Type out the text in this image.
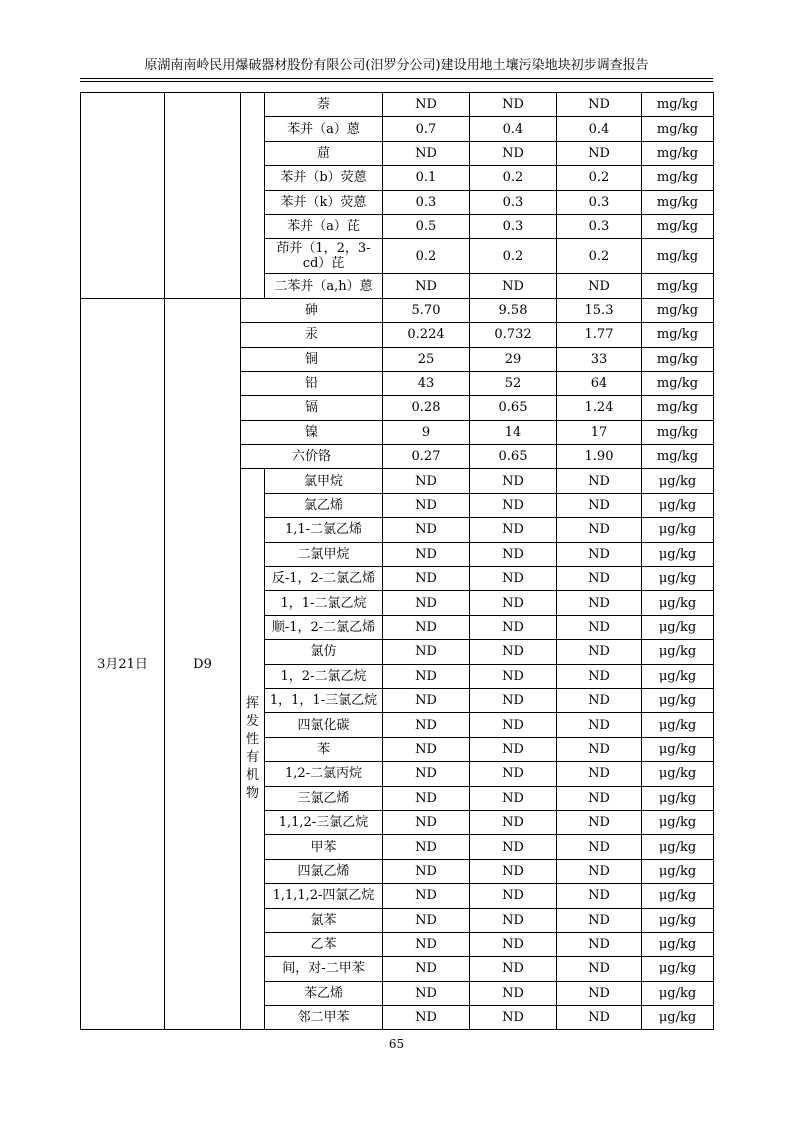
原湖南南岭民用爆破器材股份有限公司(汨罗分公司)建设用地土壤污染地块初步调查报告
			萘	ND	ND	ND	mg/kg
			苯并（a）蒽	0.7	0.4	0.4	mg/kg
			䓛	ND	ND	ND	mg/kg
			苯并（b）荧蒽	0.1	0.2	0.2	mg/kg
			苯并（k）荧蒽	0.3	0.3	0.3	mg/kg
			苯并（a）芘	0.5	0.3	0.3	mg/kg
			茚并（1，2，3-cd）芘	0.2	0.2	0.2	mg/kg
			二苯并（a,h）蒽	ND	ND	ND	mg/kg
3月21日	D9	砷		5.70	9.58	15.3	mg/kg
		汞		0.224	0.732	1.77	mg/kg
		铜		25	29	33	mg/kg
		铅		43	52	64	mg/kg
		镉		0.28	0.65	1.24	mg/kg
		镍		9	14	17	mg/kg
		六价铬		0.27	0.65	1.90	mg/kg
		挥发性有机物	氯甲烷	ND	ND	ND	μg/kg
			氯乙烯	ND	ND	ND	μg/kg
			1,1-二氯乙烯	ND	ND	ND	μg/kg
			二氯甲烷	ND	ND	ND	μg/kg
			反-1，2-二氯乙烯	ND	ND	ND	μg/kg
			1，1-二氯乙烷	ND	ND	ND	μg/kg
			顺-1，2-二氯乙烯	ND	ND	ND	μg/kg
			氯仿	ND	ND	ND	μg/kg
			1，2-二氯乙烷	ND	ND	ND	μg/kg
			1，1，1-三氯乙烷	ND	ND	ND	μg/kg
			四氯化碳	ND	ND	ND	μg/kg
			苯	ND	ND	ND	μg/kg
			1,2-二氯丙烷	ND	ND	ND	μg/kg
			三氯乙烯	ND	ND	ND	μg/kg
			1,1,2-三氯乙烷	ND	ND	ND	μg/kg
			甲苯	ND	ND	ND	μg/kg
			四氯乙烯	ND	ND	ND	μg/kg
			1,1,1,2-四氯乙烷	ND	ND	ND	μg/kg
			氯苯	ND	ND	ND	μg/kg
			乙苯	ND	ND	ND	μg/kg
			间，对-二甲苯	ND	ND	ND	μg/kg
			苯乙烯	ND	ND	ND	μg/kg
			邻二甲苯	ND	ND	ND	μg/kg
65
